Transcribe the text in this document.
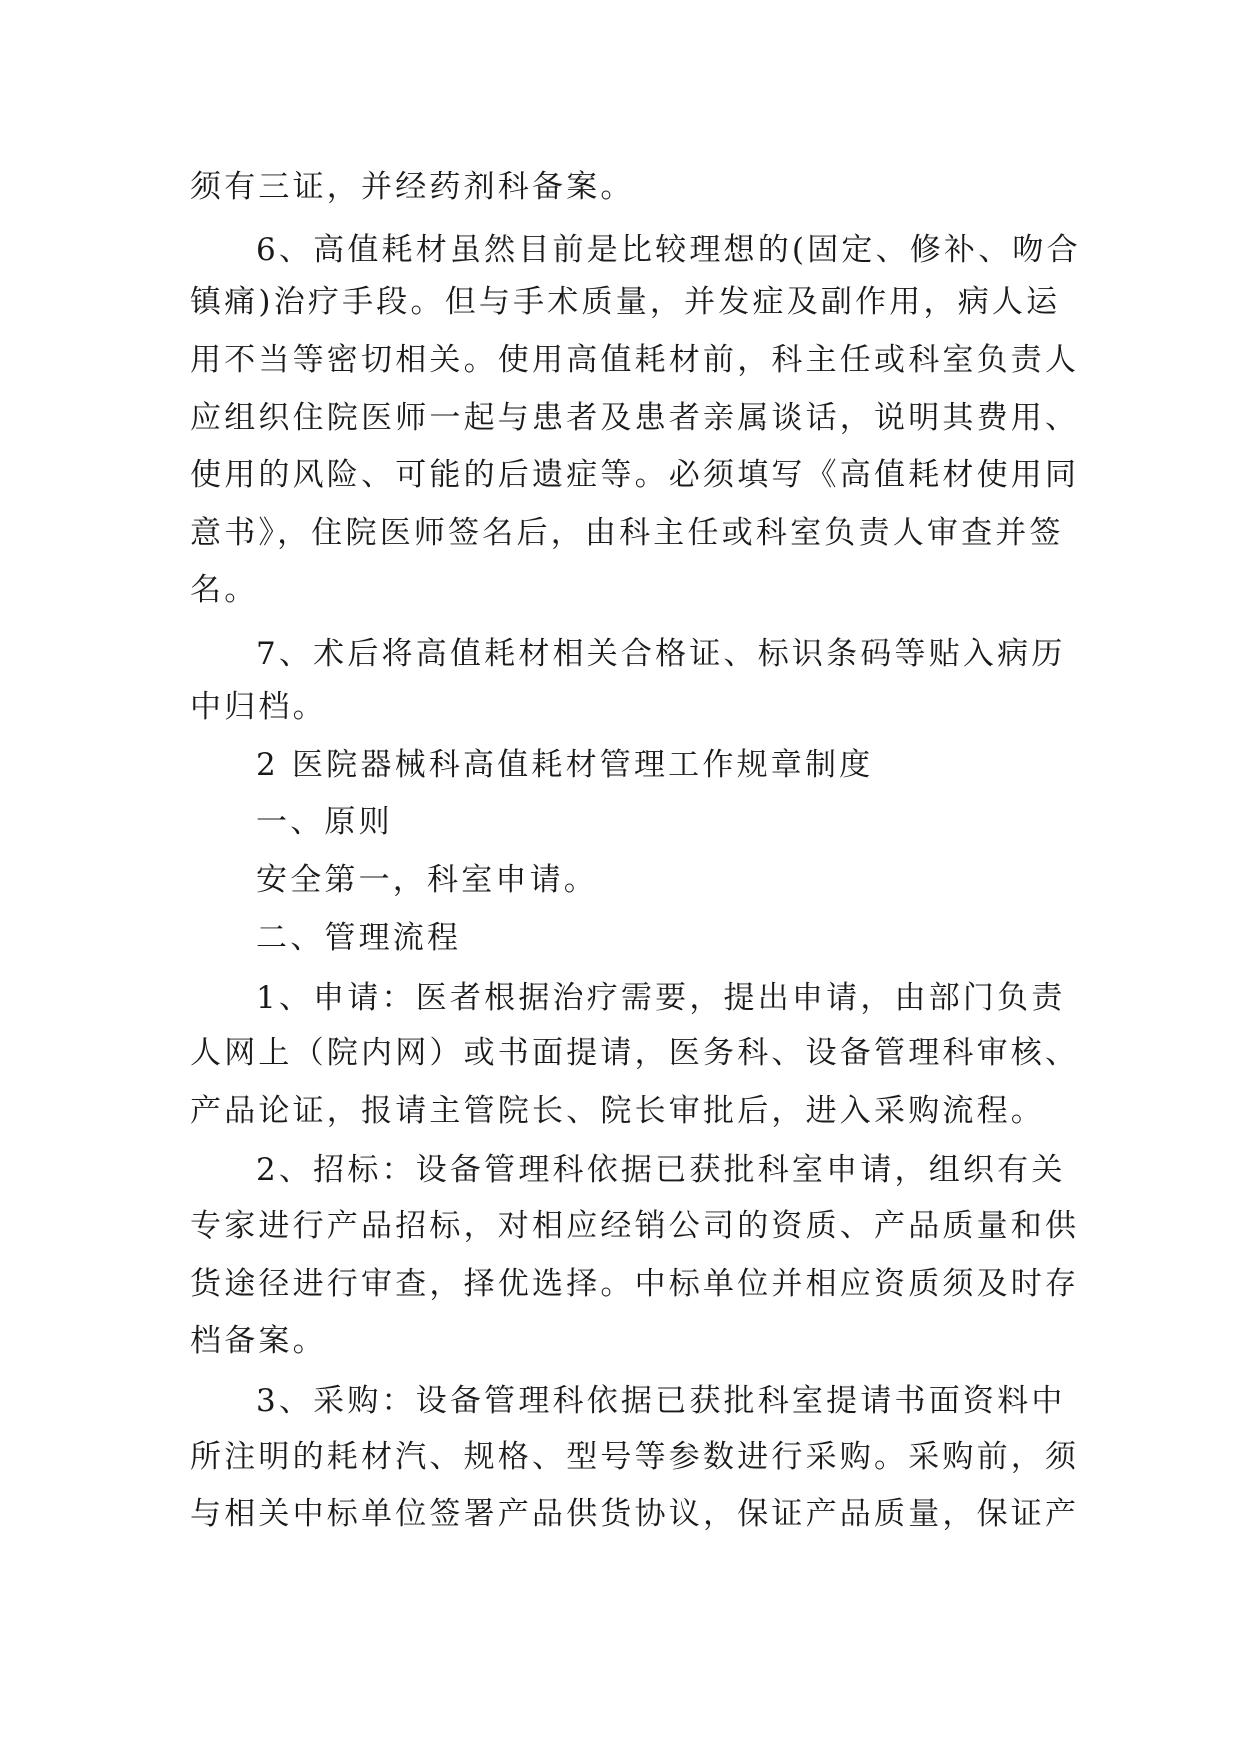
须有三证，并经药剂科备案。
6、高值耗材虽然目前是比较理想的(固定、修补、吻合
镇痛)治疗手段。但与手术质量，并发症及副作用，病人运
用不当等密切相关。使用高值耗材前，科主任或科室负责人
应组织住院医师一起与患者及患者亲属谈话，说明其费用、
使用的风险、可能的后遗症等。必须填写《高值耗材使用同
意书》，住院医师签名后，由科主任或科室负责人审查并签
名。
7、术后将高值耗材相关合格证、标识条码等贴入病历
中归档。
2 医院器械科高值耗材管理工作规章制度
一、原则
安全第一，科室申请。
二、管理流程
1、申请：医者根据治疗需要，提出申请，由部门负责
人网上（院内网）或书面提请，医务科、设备管理科审核、
产品论证，报请主管院长、院长审批后，进入采购流程。
2、招标：设备管理科依据已获批科室申请，组织有关
专家进行产品招标，对相应经销公司的资质、产品质量和供
货途径进行审查，择优选择。中标单位并相应资质须及时存
档备案。
3、采购：设备管理科依据已获批科室提请书面资料中
所注明的耗材汽、规格、型号等参数进行采购。采购前，须
与相关中标单位签署产品供货协议，保证产品质量，保证产
